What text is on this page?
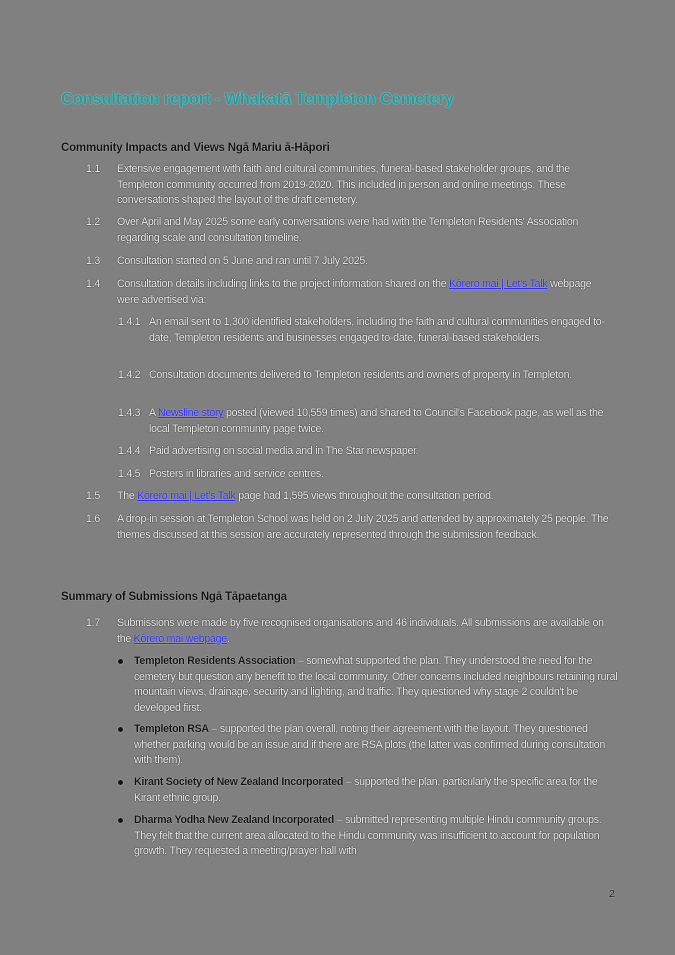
Consultation report - Whakatā Templeton Cemetery
Community Impacts and Views Ngā Mariu ā-Hāpori
1.1 Extensive engagement with faith and cultural communities, funeral-based stakeholder groups, and the Templeton community occurred from 2019-2020. This included in person and online meetings. These conversations shaped the layout of the draft cemetery.
1.2 Over April and May 2025 some early conversations were had with the Templeton Residents' Association regarding scale and consultation timeline.
1.3 Consultation started on 5 June and ran until 7 July 2025.
1.4 Consultation details including links to the project information shared on the Kōrero mai | Let's Talk webpage were advertised via:
1.4.1 An email sent to 1,300 identified stakeholders, including the faith and cultural communities engaged to-date, Templeton residents and businesses engaged to-date, funeral-based stakeholders.
1.4.2 Consultation documents delivered to Templeton residents and owners of property in Templeton.
1.4.3 A Newsline story posted (viewed 10,559 times) and shared to Council's Facebook page, as well as the local Templeton community page twice.
1.4.4 Paid advertising on social media and in The Star newspaper.
1.4.5 Posters in libraries and service centres.
1.5 The Kōrero mai | Let's Talk page had 1,595 views throughout the consultation period.
1.6 A drop-in session at Templeton School was held on 2 July 2025 and attended by approximately 25 people. The themes discussed at this session are accurately represented through the submission feedback.
Summary of Submissions Ngā Tāpaetanga
1.7 Submissions were made by five recognised organisations and 46 individuals. All submissions are available on the Kōrero mai webpage.
Templeton Residents Association – somewhat supported the plan. They understood the need for the cemetery but question any benefit to the local community. Other concerns included neighbours retaining rural mountain views, drainage, security and lighting, and traffic. They questioned why stage 2 couldn't be developed first.
Templeton RSA – supported the plan overall, noting their agreement with the layout. They questioned whether parking would be an issue and if there are RSA plots (the latter was confirmed during consultation with them).
Kirant Society of New Zealand Incorporated – supported the plan, particularly the specific area for the Kirant ethnic group.
Dharma Yodha New Zealand Incorporated – submitted representing multiple Hindu community groups. They felt that the current area allocated to the Hindu community was insufficient to account for population growth. They requested a meeting/prayer hall with
2
